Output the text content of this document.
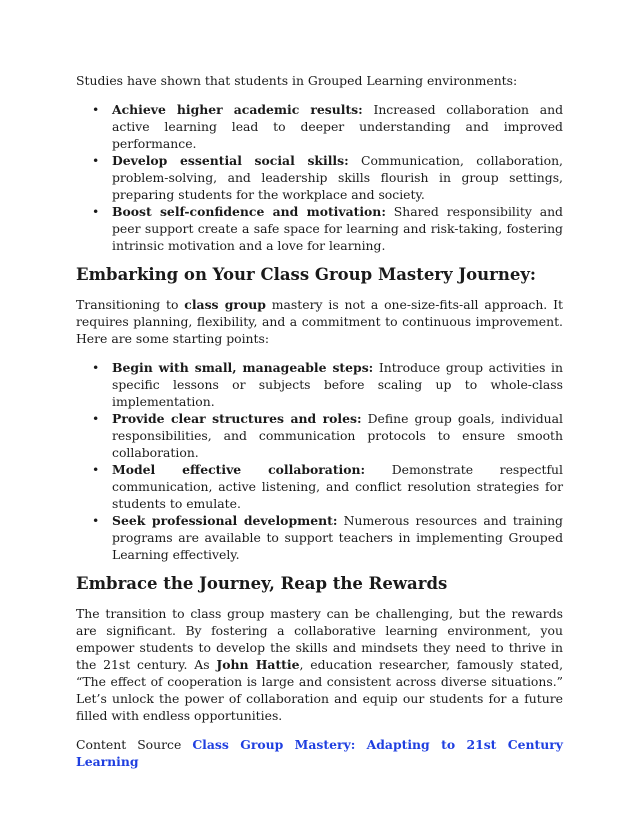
Studies have shown that students in Grouped Learning environments:

• Achieve higher academic results: Increased collaboration and active learning lead to deeper understanding and improved performance.
• Develop essential social skills: Communication, collaboration, problem-solving, and leadership skills flourish in group settings, preparing students for the workplace and society.
• Boost self-confidence and motivation: Shared responsibility and peer support create a safe space for learning and risk-taking, fostering intrinsic motivation and a love for learning.
Embarking on Your Class Group Mastery Journey:

Transitioning to class group mastery is not a one-size-fits-all approach. It requires planning, flexibility, and a commitment to continuous improvement. Here are some starting points:

• Begin with small, manageable steps: Introduce group activities in specific lessons or subjects before scaling up to whole-class implementation.
• Provide clear structures and roles: Define group goals, individual responsibilities, and communication protocols to ensure smooth collaboration.
• Model effective collaboration: Demonstrate respectful communication, active listening, and conflict resolution strategies for students to emulate.
• Seek professional development: Numerous resources and training programs are available to support teachers in implementing Grouped Learning effectively.
Embrace the Journey, Reap the Rewards

The transition to class group mastery can be challenging, but the rewards are significant. By fostering a collaborative learning environment, you empower students to develop the skills and mindsets they need to thrive in the 21st century. As John Hattie, education researcher, famously stated, “The effect of cooperation is large and consistent across diverse situations.” Let’s unlock the power of collaboration and equip our students for a future filled with endless opportunities.

Content Source Class Group Mastery: Adapting to 21st Century Learning
